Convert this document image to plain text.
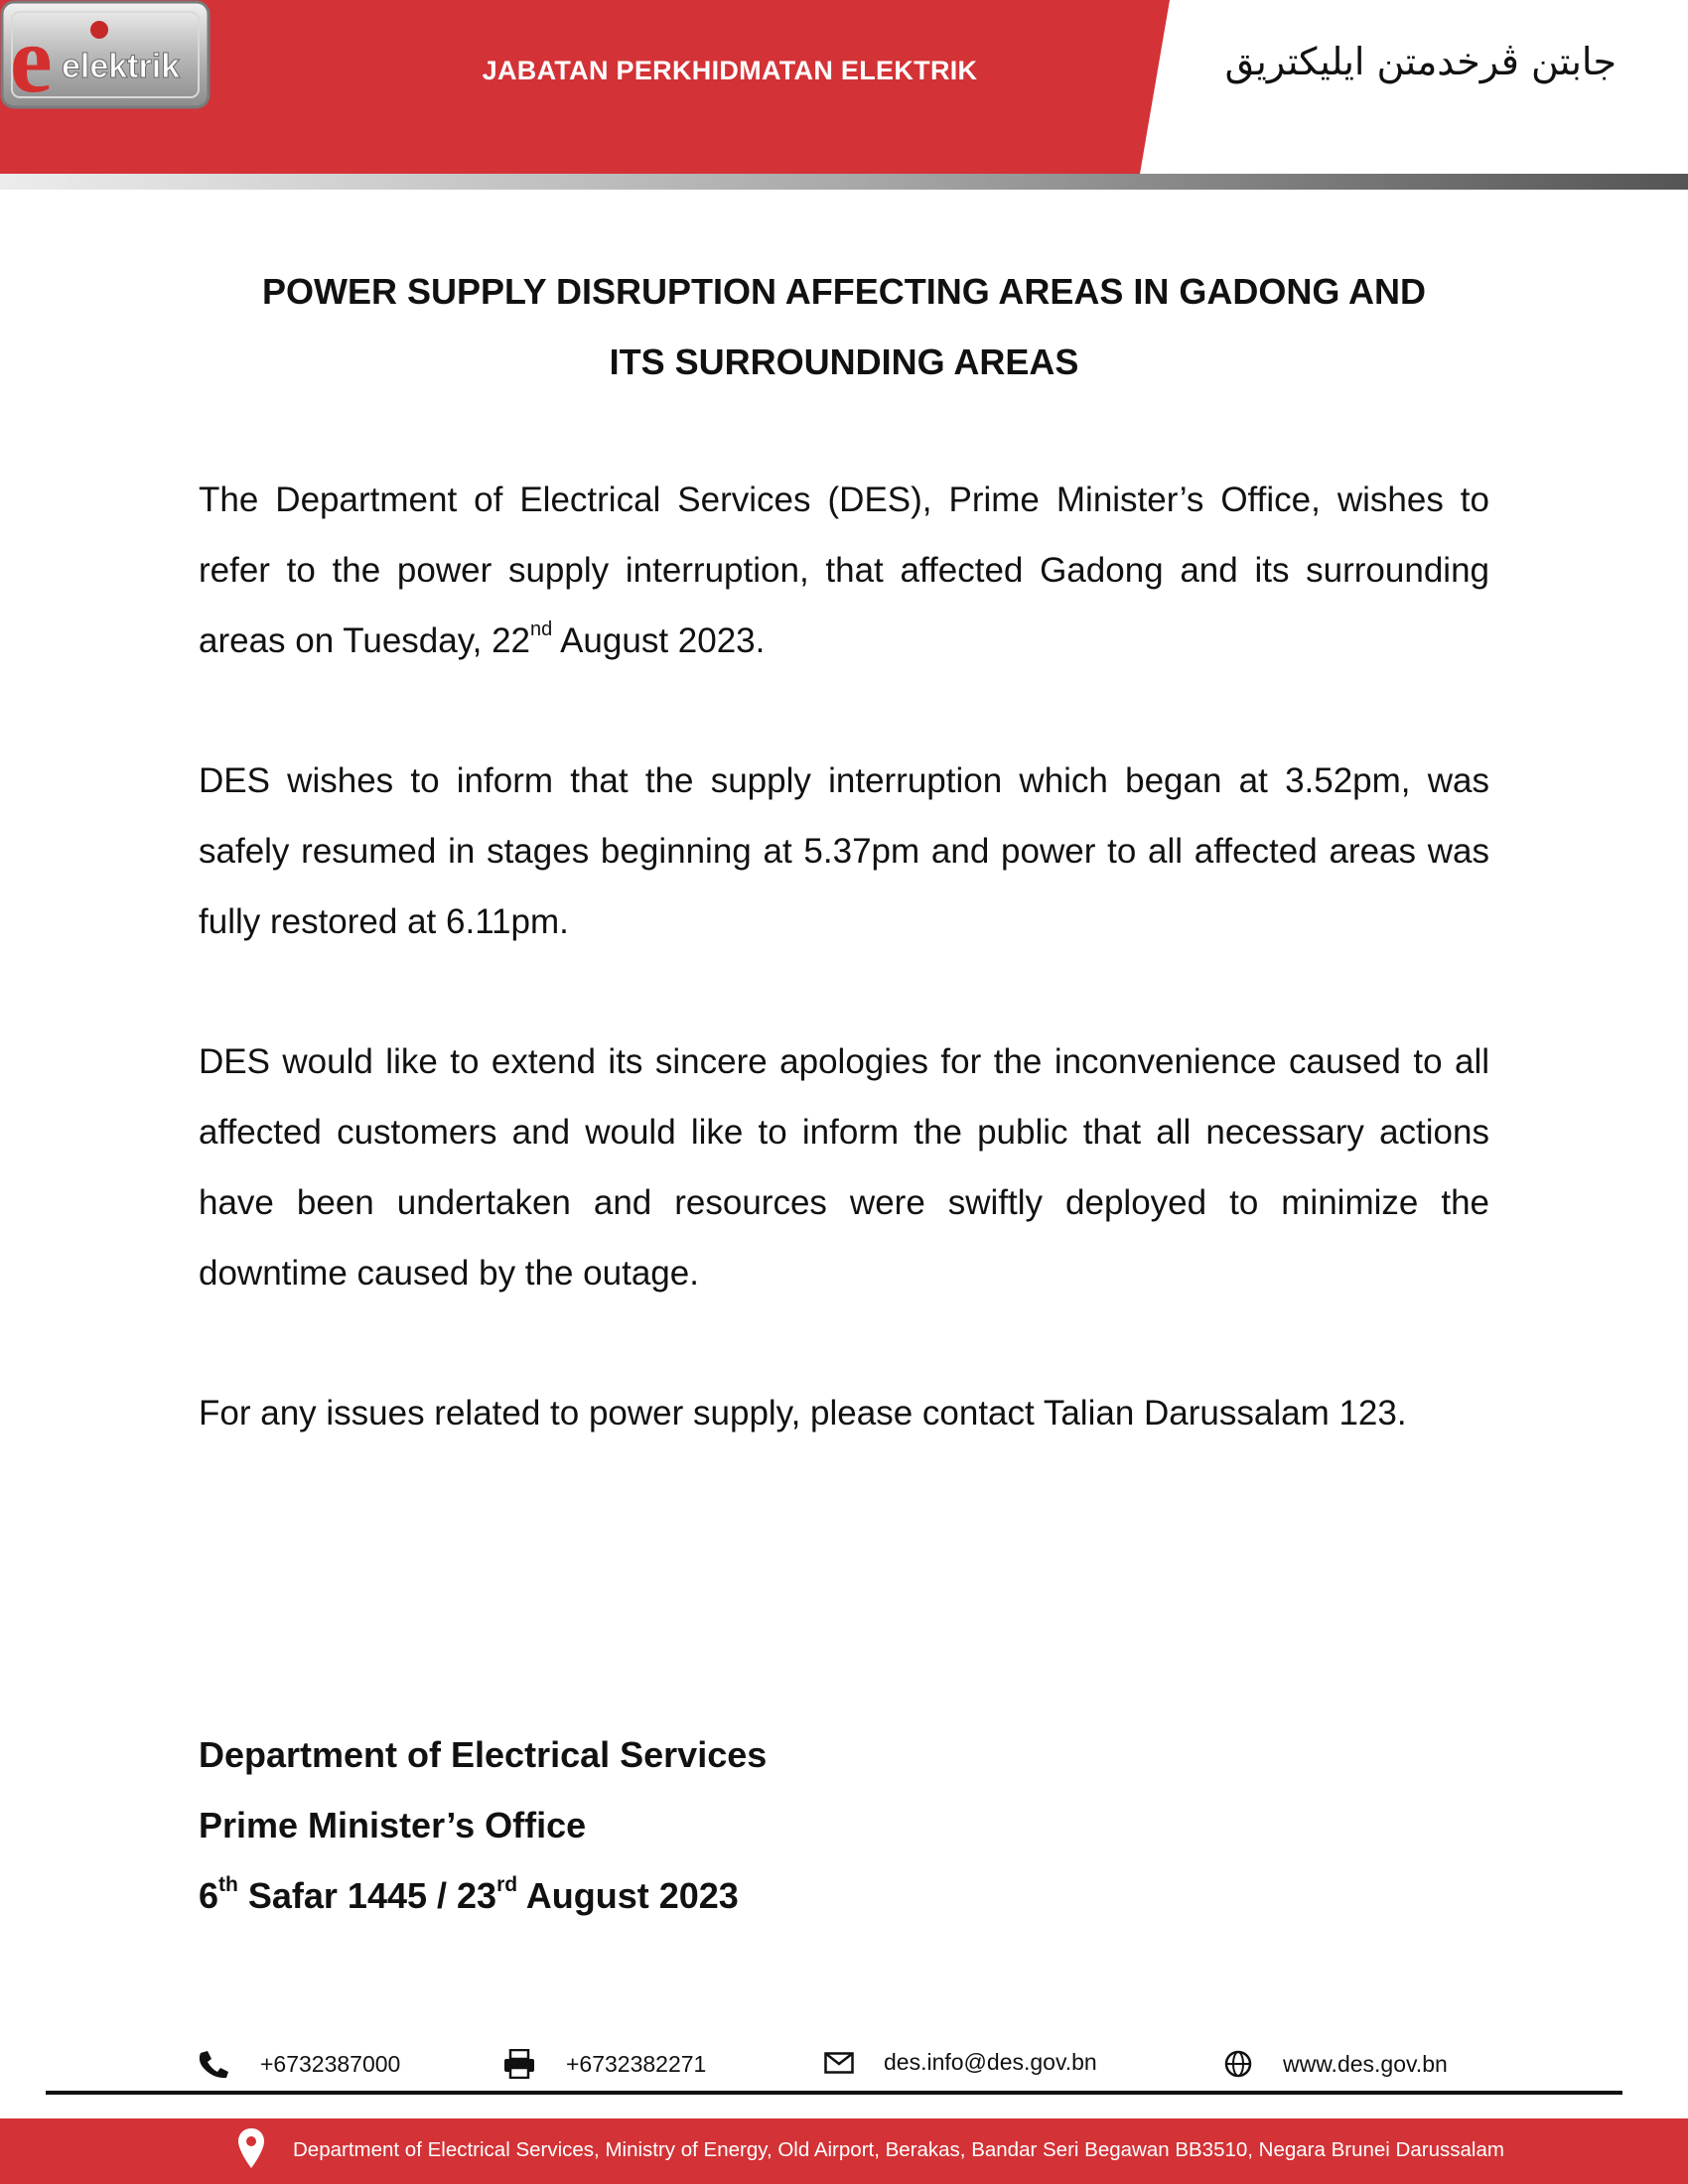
e elektrik	JABATAN PERKHIDMATAN ELEKTRIK	جابتن ڤرخدمتن ايليكتريق
POWER SUPPLY DISRUPTION AFFECTING AREAS IN GADONG AND
ITS SURROUNDING AREAS

The Department of Electrical Services (DES), Prime Minister’s Office, wishes to refer to the power supply interruption, that affected Gadong and its surrounding areas on Tuesday, 22nd August 2023.

DES wishes to inform that the supply interruption which began at 3.52pm, was safely resumed in stages beginning at 5.37pm and power to all affected areas was fully restored at 6.11pm.

DES would like to extend its sincere apologies for the inconvenience caused to all affected customers and would like to inform the public that all necessary actions have been undertaken and resources were swiftly deployed to minimize the downtime caused by the outage.

For any issues related to power supply, please contact Talian Darussalam 123.

Department of Electrical Services
Prime Minister’s Office
6th Safar 1445 / 23rd August 2023
+6732387000	+6732382271	des.info@des.gov.bn	www.des.gov.bn
Department of Electrical Services, Ministry of Energy, Old Airport, Berakas, Bandar Seri Begawan BB3510, Negara Brunei Darussalam
